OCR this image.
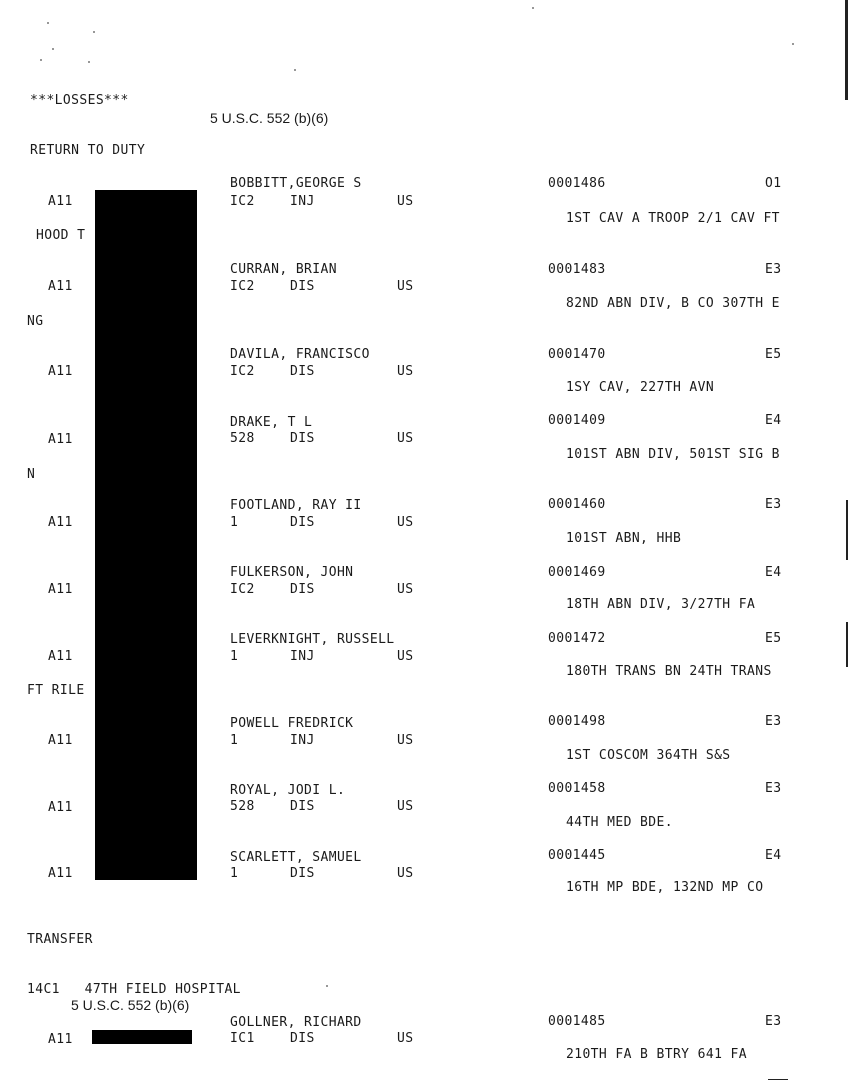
***LOSSES***
5 U.S.C. 552 (b)(6)
RETURN TO DUTY
BOBBITT,GEORGE S	0001486	O1
A11	IC2	INJ	US
1ST CAV A TROOP 2/1 CAV FT
HOOD T
CURRAN, BRIAN	0001483	E3
A11	IC2	DIS	US
82ND ABN DIV, B CO 307TH E
NG
DAVILA, FRANCISCO	0001470	E5
A11	IC2	DIS	US
1SY CAV, 227TH AVN
DRAKE, T L	0001409	E4
A11	528	DIS	US
101ST ABN DIV, 501ST SIG B
N
FOOTLAND, RAY II	0001460	E3
A11	1	DIS	US
101ST ABN, HHB
FULKERSON, JOHN	0001469	E4
A11	IC2	DIS	US
18TH ABN DIV, 3/27TH FA
LEVERKNIGHT, RUSSELL	0001472	E5
A11	1	INJ	US
180TH TRANS BN 24TH TRANS
FT RILE
POWELL FREDRICK	0001498	E3
A11	1	INJ	US
1ST COSCOM 364TH S&S
ROYAL, JODI L.	0001458	E3
A11	528	DIS	US
44TH MED BDE.
SCARLETT, SAMUEL	0001445	E4
A11	1	DIS	US
16TH MP BDE, 132ND MP CO
TRANSFER
14C1   47TH FIELD HOSPITAL
5 U.S.C. 552 (b)(6)
GOLLNER, RICHARD	0001485	E3
A11	IC1	DIS	US
210TH FA B BTRY 641 FA
